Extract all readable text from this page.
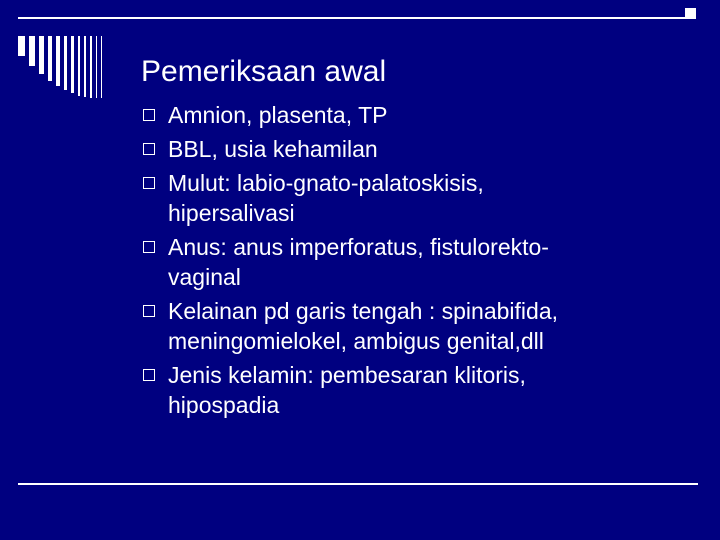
Pemeriksaan awal
Amnion, plasenta, TP
BBL, usia kehamilan
Mulut: labio-gnato-palatoskisis,
hipersalivasi
Anus: anus imperforatus, fistulorekto-
vaginal
Kelainan pd garis tengah : spinabifida,
meningomielokel, ambigus genital,dll
Jenis kelamin: pembesaran klitoris,
hipospadia
